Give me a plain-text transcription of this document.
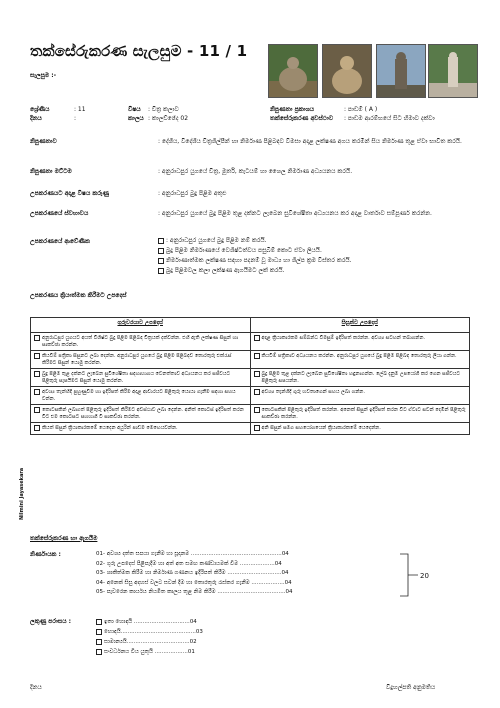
තක්සේරුකරණ සැලසුම - 11 / 1
සැලසුම :-
ශ්‍රේණිය	: 11	විෂය : චිත්‍ර කලාව	නිපුණතා ප්‍රකාශය	: පාඩම් ( A )
දිනය	:	කාලය : කාලච්ඡේද 02	තක්සේරුකරණ අවස්ථාව : පාඩම ආරම්භයේ සිට හිමාව දක්වා
නිපුණතාව	: දේශීය, විදේශීය චිත්‍රශිල්පීන් හා නිර්මාණ පිළිබඳව විමසා අදාළ ලක්ෂණ අගය කරමින් සිය නිර්මාණ තුළ ඒවා භාවිත කරයි.
නිපුණතා මට්ටම	: අනුරාධපුර යුගයේ චිත්‍ර, මූර්ති, කැටයම් හා ශෛල නිර්මාණ අධ්‍යයනය කරයි.
උපකරණයට අදාළ විෂය කරුණු	: අනුරාධපුර බුදු පිළිම අතුළු
උපකරණයේ ස්වභාවය	: අනුරාධපුර යුගයේ බුදු පිළිම තුළ දක්නට ලැබෙන සුවිශේෂීතා අධ්‍යයනය කර අදාළ වාර්තාව සම්පූර්ණ කරන්න.
උපකරණයේ ආවේණික	: අනුරාධපුර යුගයේ බුදු පිළිම නම් කරයි.
බුදු පිළිම නිර්මාණයේ වෙශිෂ්ටත්වය පසුබිම් කොට ඒවා ලියයි.
නිර්මාණාත්මක ලක්ෂණ සඳහා පදනම් වූ මාධ්‍ය හා ශිල්ප ක්‍රම විස්තර කරයි.
බුදු පිළිමවල කලා ලක්ෂණ ඇගයීමට ලක් කරයි.
උපකරණය ක්‍රියාත්මක කිරීමට උපදෙස්
ගුරුවරයාට උපදෙස්	සිසුන්ට උපදෙස්

අනුරාධපුර යුගයට අයත් විශිෂ්ට බුදු පිළිම පිළිබඳ චිත්‍රයක් දක්වන්න. එහි ඇති ලක්ෂණ සිසුන් හා සාකච්ඡා කරන්න.	අදාළ ක්‍රියාකාරකම සම්බන්ධ විමසුම් ඉදිරිපත් කරන්න. අවශ්‍ය සටහන් තබාගන්න.

කියවීම් පත්‍රිකා සිසුනට ලබා දෙන්න. අනුරාධපුර යුගයේ බුදු පිළිම පිළිබඳව තොරතුරු එක්රැස් කිරීමට සිසුන් යොමු කරන්න.	කියවීම් පත්‍රිකාව අධ්‍යයනය කරන්න. අනුරාධපුර යුගයේ බුදු පිළිම පිළිබඳ තොරතුරු ලියා ගන්න.

බුදු පිළිම තුළ දක්නට ලැබෙන සුවිශේෂීතා සඳහාභාගය වෙනත්තාව අධ්‍යයනය කර සජීවයට පිළිතුරු සැපයීමට සිසුන් යොමු කරන්න.	බුදු පිළිම තුළ දක්නට ලැබෙන සුවිශේෂීතා හඳුනාගන්න. ලේඛ දැනුම උපයෝගී කර ගෙන සජීවයට පිළිතුරු සපයන්න.

අවශ්‍ය තැන්හිදී පුහුණුවීම හා ඉදිරිපත් කිරීම අදාළ ආචාරයට පිළිතුරු යොයා ගැනීම සඳහා සහය වන්න.	අවශ්‍ය තැන්හිදී ගුරු භවතාගෙන් සහය ලබා ගන්න.

කොටසකින් ලබාගත් පිළිතුරු ඉදිරිපත් කිරීමට අවස්ථාව ලබා දෙන්න. අනිත් කොටස් ඉදිරිපත් කරන විට එම කොටසට සහභාගී වී සාකච්ඡා කරන්න.	කොටසකින් පිළිතුරු ඉදිරිපත් කරන්න. අනෙක් සිසුන් ඉදිරිපත් කරන විට ඒවාට සවන් දෙමින් පිළිතුරු සාකච්ඡා කරන්න.

කියත් සිසුන් ක්‍රියාකාරකමේ යෙදෙන අයුරින් පාඩම මෙහෙයවන්න.	අනි සිසුන් සමග සහයෝගයෙන් ක්‍රියාකාරකමේ යෙදෙන්න.
Nilmini Jayasekara
තක්සේරුකරණ හා ඇගයීම
නිර්ණායක :	01- අවශ්‍ය දත්ත සපයා ගැනීම හා සූදානම ....................................................04
02- ගුරු උපදෙස් පිළිපැදීම හා අත් අත සමඟ කණ්ඩායමක් වීම ....................04
03- ශාකීත්මක කිරීම හා නිර්මාණ ගණනය ඉදිරිපත් කිරීම ...............................04
04- අනෙක් සිසු අදහස් වලට සවන් දීම හා තොරතුරු රැස්කර ගැනීම ...................04
05- පැවරෙන කාර්යය නියමිත කාලය තුළ නිම කිරීම .......................................04
20
ලකුණු පරාසය :	ඉතා හොඳයි ................................04
හොඳයි...........................................03
සාමාන්‍යයි....................................02
සංවර්ධනය විය යුතුයි ...................01
දිනය	විදුහල්පති අනුමතිය
